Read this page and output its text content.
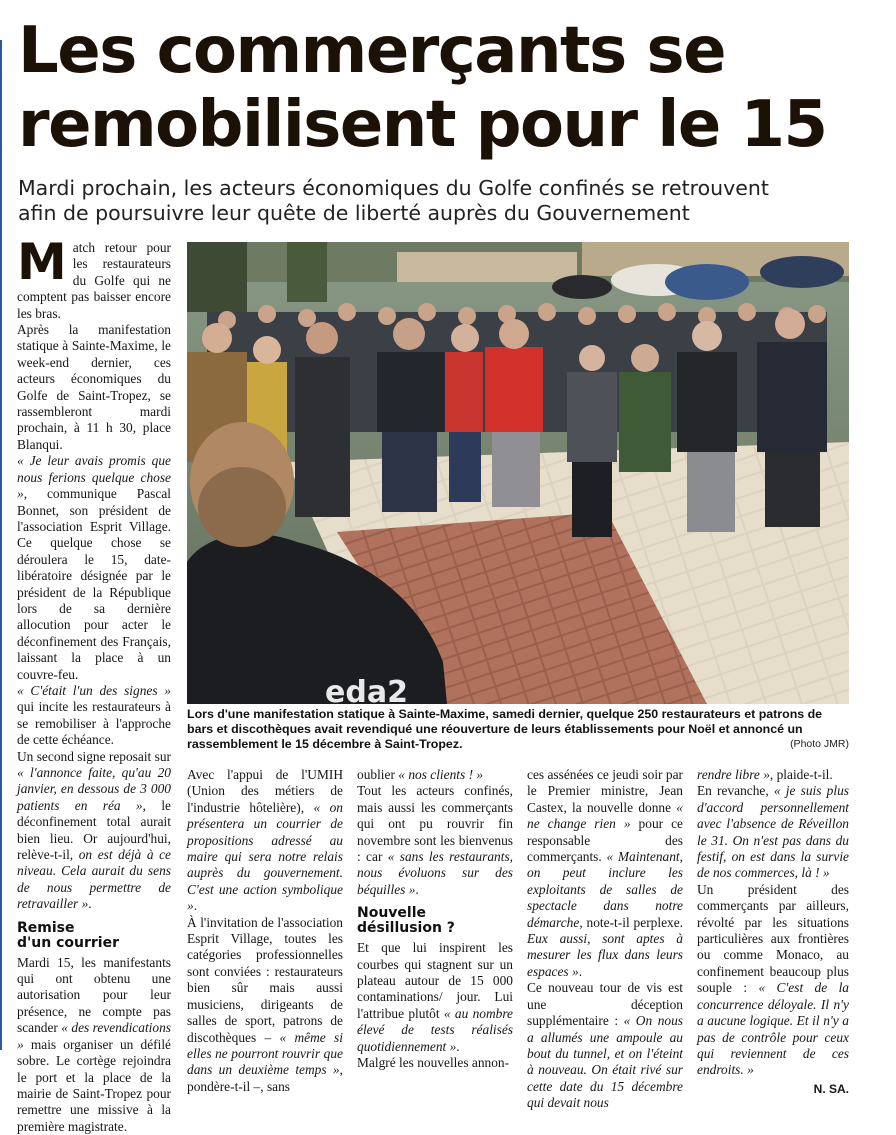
Les commerçants se
remobilisent pour le 15
Mardi prochain, les acteurs économiques du Golfe confinés se retrouvent
afin de poursuivre leur quête de liberté auprès du Gouvernement

Match retour pour les restaurateurs du Golfe qui ne comptent pas baisser encore les bras.

Après la manifestation statique à Sainte-Maxime, le week-end dernier, ces acteurs économiques du Golfe de Saint-Tropez, se rassembleront mardi prochain, à 11 h 30, place Blanqui.

« Je leur avais promis que nous ferions quelque chose », communique Pascal Bonnet, son président de l'association Esprit Village. Ce quelque chose se déroulera le 15, date-libératoire désignée par le président de la République lors de sa dernière allocution pour acter le déconfinement des Français, laissant la place à un couvre-feu.

« C'était l'un des signes » qui incite les restaurateurs à se remobiliser à l'approche de cette échéance.

Un second signe reposait sur « l'annonce faite, qu'au 20 janvier, en dessous de 3 000 patients en réa », le déconfinement total aurait bien lieu. Or aujourd'hui, relève-t-il, on est déjà à ce niveau. Cela aurait du sens de nous permettre de retravailler ».

Remise
d'un courrier

Mardi 15, les manifestants qui ont obtenu une autorisation pour leur présence, ne compte pas scander « des revendications » mais organiser un défilé sobre. Le cortège rejoindra le port et la place de la mairie de Saint-Tropez pour remettre une missive à la première magistrate.

eda2
Lors d'une manifestation statique à Sainte-Maxime, samedi dernier, quelque 250 restaurateurs et patrons de bars et discothèques avait revendiqué une réouverture de leurs établissements pour Noël et annoncé un rassemblement le 15 décembre à Saint-Tropez.	(Photo JMR)

Avec l'appui de l'UMIH (Union des métiers de l'industrie hôtelière), « on présentera un courrier de propositions adressé au maire qui sera notre relais auprès du gouvernement. C'est une action symbolique ».

À l'invitation de l'association Esprit Village, toutes les catégories professionnelles sont conviées : restaurateurs bien sûr mais aussi musiciens, dirigeants de salles de sport, patrons de discothèques – « même si elles ne pourront rouvrir que dans un deuxième temps », pondère-t-il –, sans

oublier « nos clients ! »

Tout les acteurs confinés, mais aussi les commerçants qui ont pu rouvrir fin novembre sont les bienvenus : car « sans les restaurants, nous évoluons sur des béquilles ».

Nouvelle
désillusion ?

Et que lui inspirent les courbes qui stagnent sur un plateau autour de 15 000 contaminations/ jour. Lui l'attribue plutôt « au nombre élevé de tests réalisés quotidiennement ».

Malgré les nouvelles annon-

ces assénées ce jeudi soir par le Premier ministre, Jean Castex, la nouvelle donne « ne change rien » pour ce responsable des commerçants. « Maintenant, on peut inclure les exploitants de salles de spectacle dans notre démarche, note-t-il perplexe. Eux aussi, sont aptes à mesurer les flux dans leurs espaces ».

Ce nouveau tour de vis est une déception supplémentaire : « On nous a allumés une ampoule au bout du tunnel, et on l'éteint à nouveau. On était rivé sur cette date du 15 décembre qui devait nous

rendre libre », plaide-t-il.

En revanche, « je suis plus d'accord personnellement avec l'absence de Réveillon le 31. On n'est pas dans du festif, on est dans la survie de nos commerces, là ! »

Un président des commerçants par ailleurs, révolté par les situations particulières aux frontières ou comme Monaco, au confinement beaucoup plus souple : « C'est de la concurrence déloyale. Il n'y a aucune logique. Et il n'y a pas de contrôle pour ceux qui reviennent de ces endroits. »

N. SA.
